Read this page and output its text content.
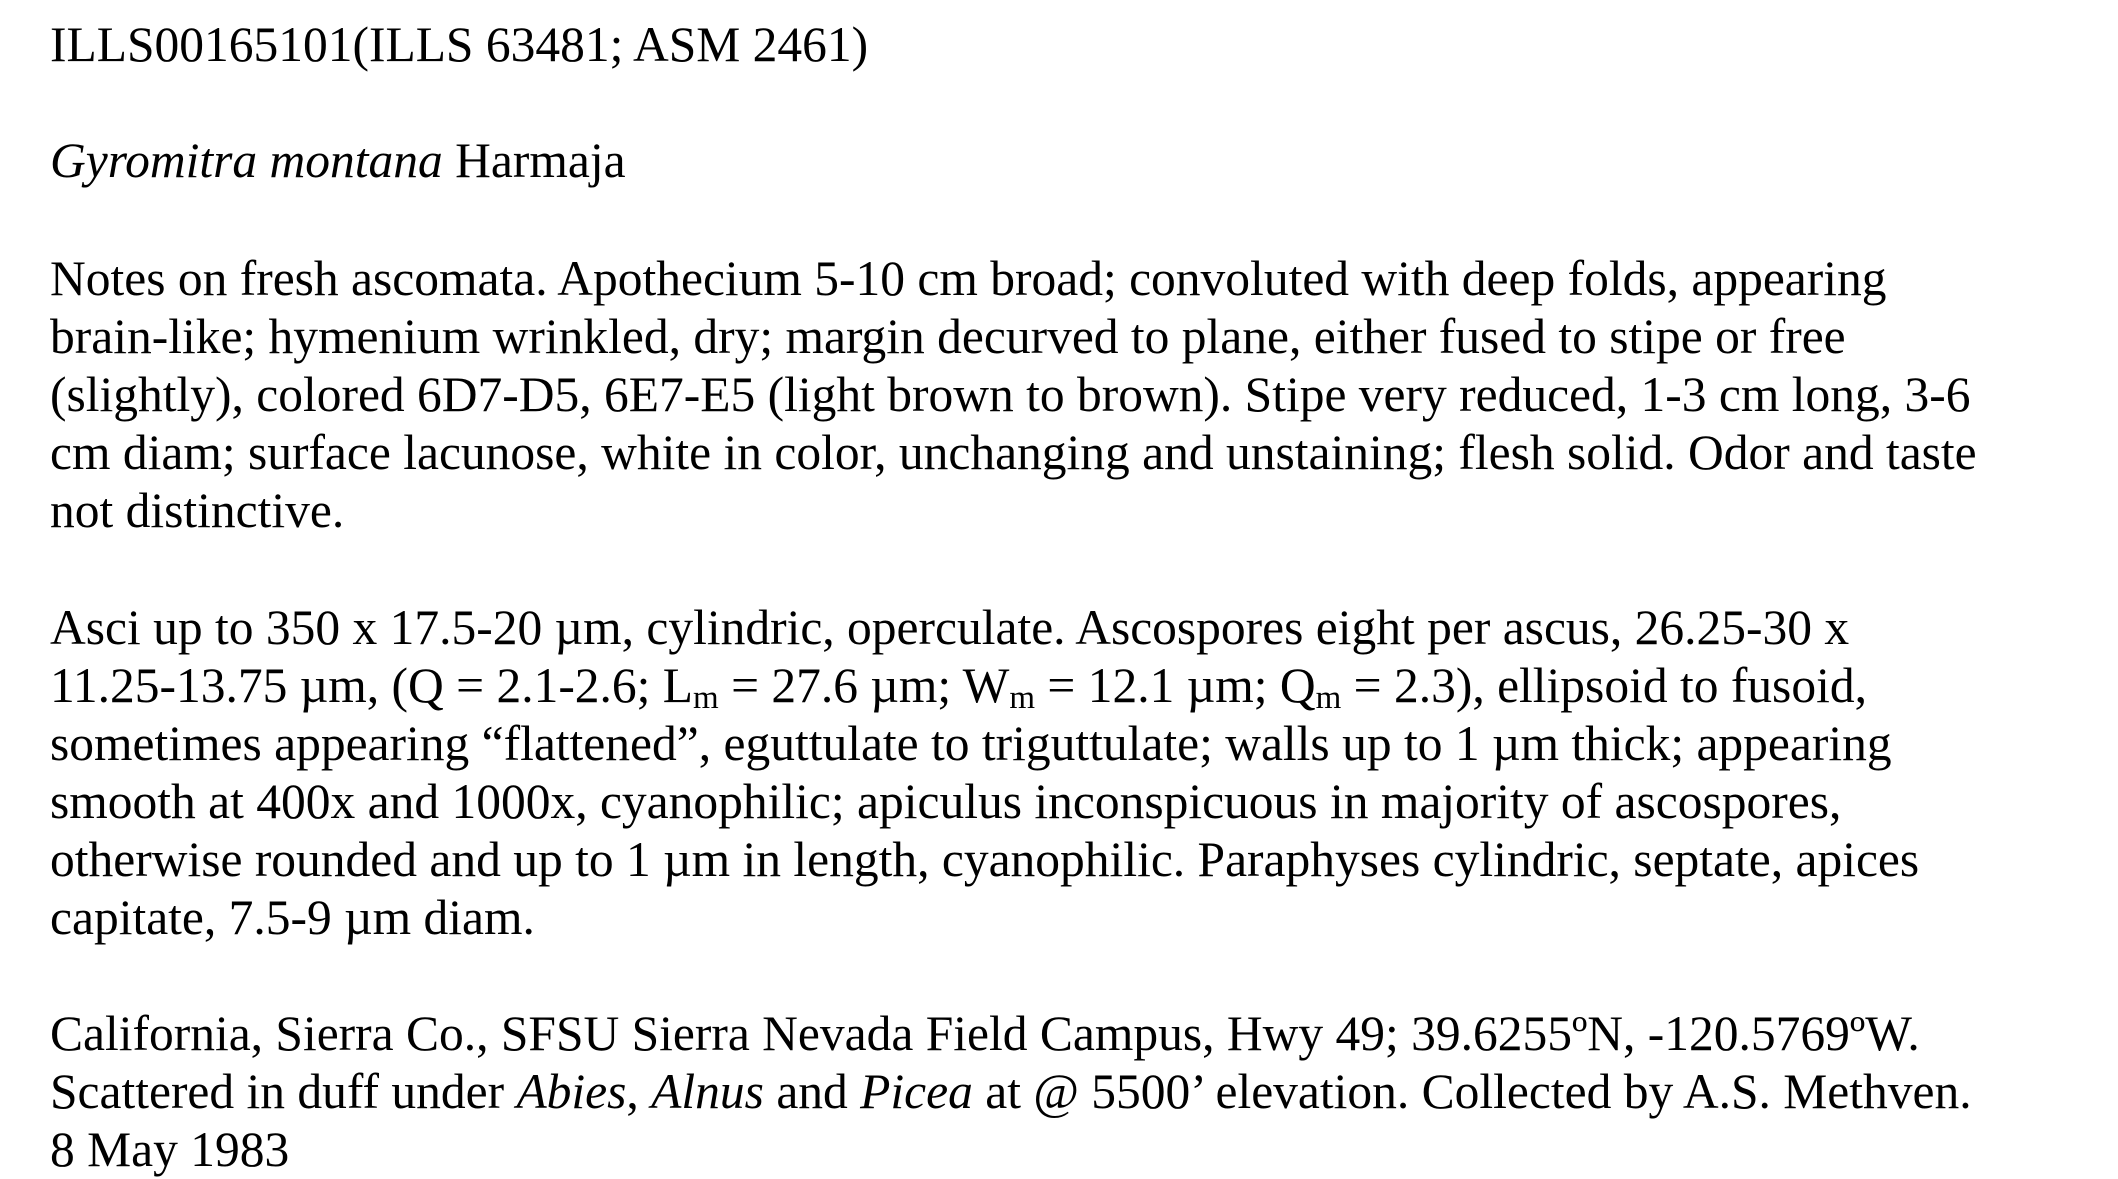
ILLS00165101(ILLS 63481; ASM 2461)

Gyromitra montana Harmaja

Notes on fresh ascomata. Apothecium 5-10 cm broad; convoluted with deep folds, appearing

brain-like; hymenium wrinkled, dry; margin decurved to plane, either fused to stipe or free

(slightly), colored 6D7-D5, 6E7-E5 (light brown to brown). Stipe very reduced, 1-3 cm long, 3-6

cm diam; surface lacunose, white in color, unchanging and unstaining; flesh solid. Odor and taste

not distinctive.

Asci up to 350 x 17.5-20 µm, cylindric, operculate. Ascospores eight per ascus, 26.25-30 x

11.25-13.75 µm, (Q = 2.1-2.6; Lm = 27.6 µm; Wm = 12.1 µm; Qm = 2.3), ellipsoid to fusoid,

sometimes appearing “flattened”, eguttulate to triguttulate; walls up to 1 µm thick; appearing

smooth at 400x and 1000x, cyanophilic; apiculus inconspicuous in majority of ascospores,

otherwise rounded and up to 1 µm in length, cyanophilic. Paraphyses cylindric, septate, apices

capitate, 7.5-9 µm diam.

California, Sierra Co., SFSU Sierra Nevada Field Campus, Hwy 49; 39.6255ºN, -120.5769ºW.

Scattered in duff under Abies, Alnus and Picea at @ 5500’ elevation. Collected by A.S. Methven.

8 May 1983
